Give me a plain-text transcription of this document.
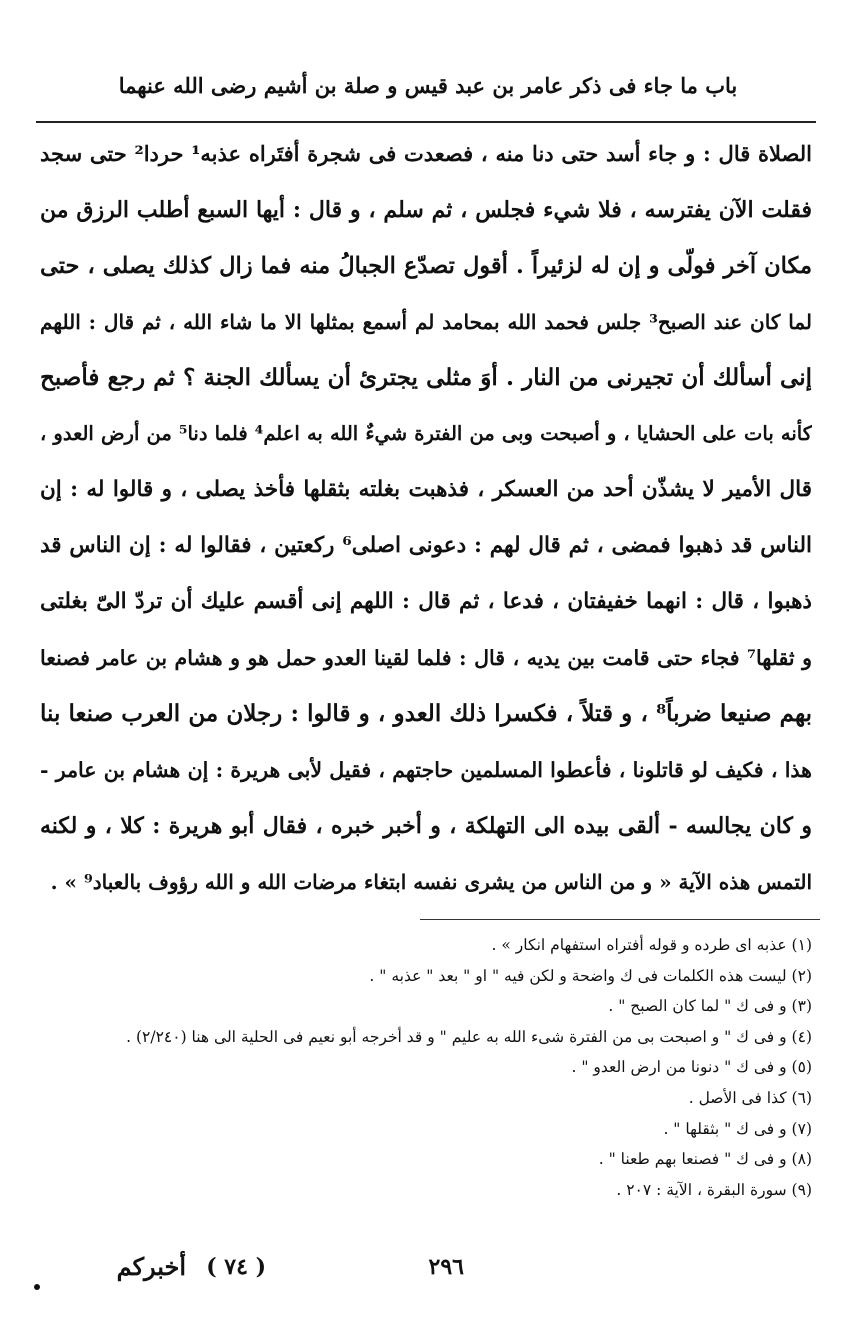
باب ما جاء فى ذكر عامر بن عبد قيس و صلة بن أشيم رضى الله عنهما
الصلاة قال : و جاء أسد حتى دنا منه ، فصعدت فى شجرة أفتَراه عذبه¹ حردا² حتى سجد
فقلت الآن يفترسه ، فلا شيء فجلس ، ثم سلم ، و قال : أيها السبع أطلب الرزق من
مكان آخر فولّى و إن له لزئيراً . أقول تصدّع الجبالُ منه فما زال كذلك يصلى ، حتى
لما كان عند الصبح³ جلس فحمد الله بمحامد لم أسمع بمثلها الا ما شاء الله ، ثم قال : اللهم
إنى أسألك أن تجيرنى من النار . أوَ مثلى يجترئ أن يسألك الجنة ؟ ثم رجع فأصبح
كأنه بات على الحشايا ، و أصبحت وبى من الفترة شيءٌ الله به اعلم⁴ فلما دنا⁵ من أرض العدو ،
قال الأمير لا يشذّن أحد من العسكر ، فذهبت بغلته بثقلها فأخذ يصلى ، و قالوا له : إن
الناس قد ذهبوا فمضى ، ثم قال لهم : دعونى اصلى⁶ ركعتين ، فقالوا له : إن الناس قد
ذهبوا ، قال : انهما خفيفتان ، فدعا ، ثم قال : اللهم إنى أقسم عليك أن تردّ الىّ بغلتى
و ثقلها⁷ فجاء حتى قامت بين يديه ، قال : فلما لقينا العدو حمل هو و هشام بن عامر فصنعا
بهم صنيعا ضرباً⁸ ، و قتلاً ، فكسرا ذلك العدو ، و قالوا : رجلان من العرب صنعا بنا
هذا ، فكيف لو قاتلونا ، فأعطوا المسلمين حاجتهم ، فقيل لأبى هريرة : إن هشام بن عامر -
و كان يجالسه - ألقى بيده الى التهلكة ، و أخبر خبره ، فقال أبو هريرة : كلا ، و لكنه
التمس هذه الآية « و من الناس من يشرى نفسه ابتغاء مرضات الله و الله رؤوف بالعباد⁹ » .
(١) عذبه اى طرده و قوله أفتراه استفهام انكار » .
(٢) ليست هذه الكلمات فى ك واضحة و لكن فيه " او " بعد " عذبه " .
(٣) و فى ك " لما كان الصبح " .
(٤) و فى ك " و اصبحت بى من الفترة شىء الله به عليم " و قد أخرجه أبو نعيم فى الحلية الى هنا (٢/٢٤٠) .
(٥) و فى ك " دنونا من ارض العدو " .
(٦) كذا فى الأصل .
(٧) و فى ك " بثقلها " .
(٨) و فى ك " فصنعا بهم طعنا " .
(٩) سورة البقرة ، الآية : ٢٠٧ .
٢٩٦
( ٧٤ )
أخبركم
